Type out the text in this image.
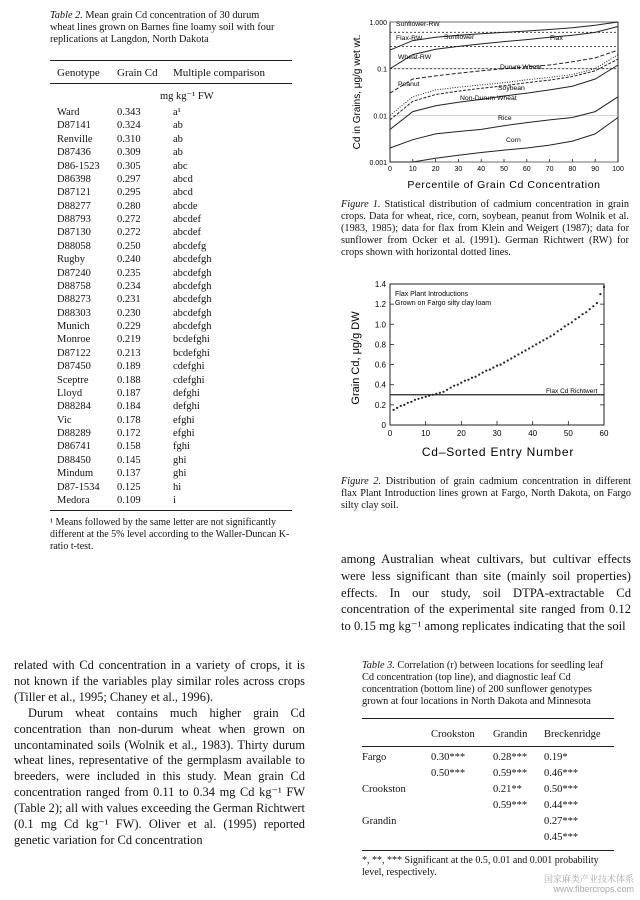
Table 2. Mean grain Cd concentration of 30 durum wheat lines grown on Barnes fine loamy soil with four replications at Langdon, North Dakota
Genotype Grain Cd Multiple comparison
mg kg⁻¹ FW
Ward	0.343	a¹
D87141	0.324	ab
Renville	0.310	ab
D87436	0.309	ab
D86-1523	0.305	abc
D86398	0.297	abcd
D87121	0.295	abcd
D88277	0.280	abcde
D88793	0.272	abcdef
D87130	0.272	abcdef
D88058	0.250	abcdefg
Rugby	0.240	abcdefgh
D87240	0.235	abcdefgh
D88758	0.234	abcdefgh
D88273	0.231	abcdefgh
D88303	0.230	abcdefgh
Munich	0.229	abcdefgh
Monroe	0.219	bcdefghi
D87122	0.213	bcdefghi
D87450	0.189	cdefghi
Sceptre	0.188	cdefghi
Lloyd	0.187	defghi
D88284	0.184	defghi
Vic	0.178	efghi
D88289	0.172	efghi
D86741	0.158	fghi
D88450	0.145	ghi
Mindum	0.137	ghi
D87-1534	0.125	hi
Medora	0.109	i
¹ Means followed by the same letter are not significantly different at the 5% level according to the Waller-Duncan K-ratio t-test.

related with Cd concentration in a variety of crops, it is not known if the variables play similar roles across crops (Tiller et al., 1995; Chaney et al., 1996).

Durum wheat contains much higher grain Cd concentration than non-durum wheat when grown on uncontaminated soils (Wolnik et al., 1983). Thirty durum wheat lines, representative of the germplasm available to breeders, were included in this study. Mean grain Cd concentration ranged from 0.11 to 0.34 mg Cd kg⁻¹ FW (Table 2); all with values exceeding the German Richtwert (0.1 mg Cd kg⁻¹ FW). Oliver et al. (1995) reported genetic variation for Cd concentration

0.001
0.01
0.1
1.000
0 10 20 30 40 50 60 70 80 90 100
Sunflower-RW
Flax-RW	Sunflower	Flax
Wheat-RW
Durum Wheat
Soybean
Peanut
Non-Durum Wheat
Rice
Corn
Cd in Grains, μg/g wet wt.
Percentile of Grain Cd Concentration
Figure 1. Statistical distribution of cadmium concentration in grain crops. Data for wheat, rice, corn, soybean, peanut from Wolnik et al. (1983, 1985); data for flax from Klein and Weigert (1987); data for sunflower from Ocker et al. (1991). German Richtwert (RW) for crops shown with horizontal dotted lines.
0
0.2
0.4
0.6
0.8
1.0
1.2
1.4
0	10	20	30	40	50	60
Flax Plant Introductions
Grown on Fargo silty clay loam
Flax Cd Richtwert
Grain Cd, μg/g DW
Cd–Sorted Entry Number
Figure 2. Distribution of grain cadmium concentration in different flax Plant Introduction lines grown at Fargo, North Dakota, on Fargo silty clay soil.
among Australian wheat cultivars, but cultivar effects were less significant than site (mainly soil properties) effects. In our study, soil DTPA-extractable Cd concentration of the experimental site ranged from 0.12 to 0.15 mg kg⁻¹ among replicates indicating that the soil
Table 3. Correlation (r) between locations for seedling leaf Cd concentration (top line), and diagnostic leaf Cd concentration (bottom line) of 200 sunflower genotypes grown at four locations in North Dakota and Minnesota
Crookston Grandin Breckenridge
Fargo	0.30***	0.28***	0.19*
	0.50***	0.59***	0.46***
Crookston		0.21**	0.50***
		0.59***	0.44***
Grandin			0.27***
			0.45***
*, **, *** Significant at the 0.5, 0.01 and 0.001 probability level, respectively.
国家麻类产业技术体系
www.fibercrops.com
